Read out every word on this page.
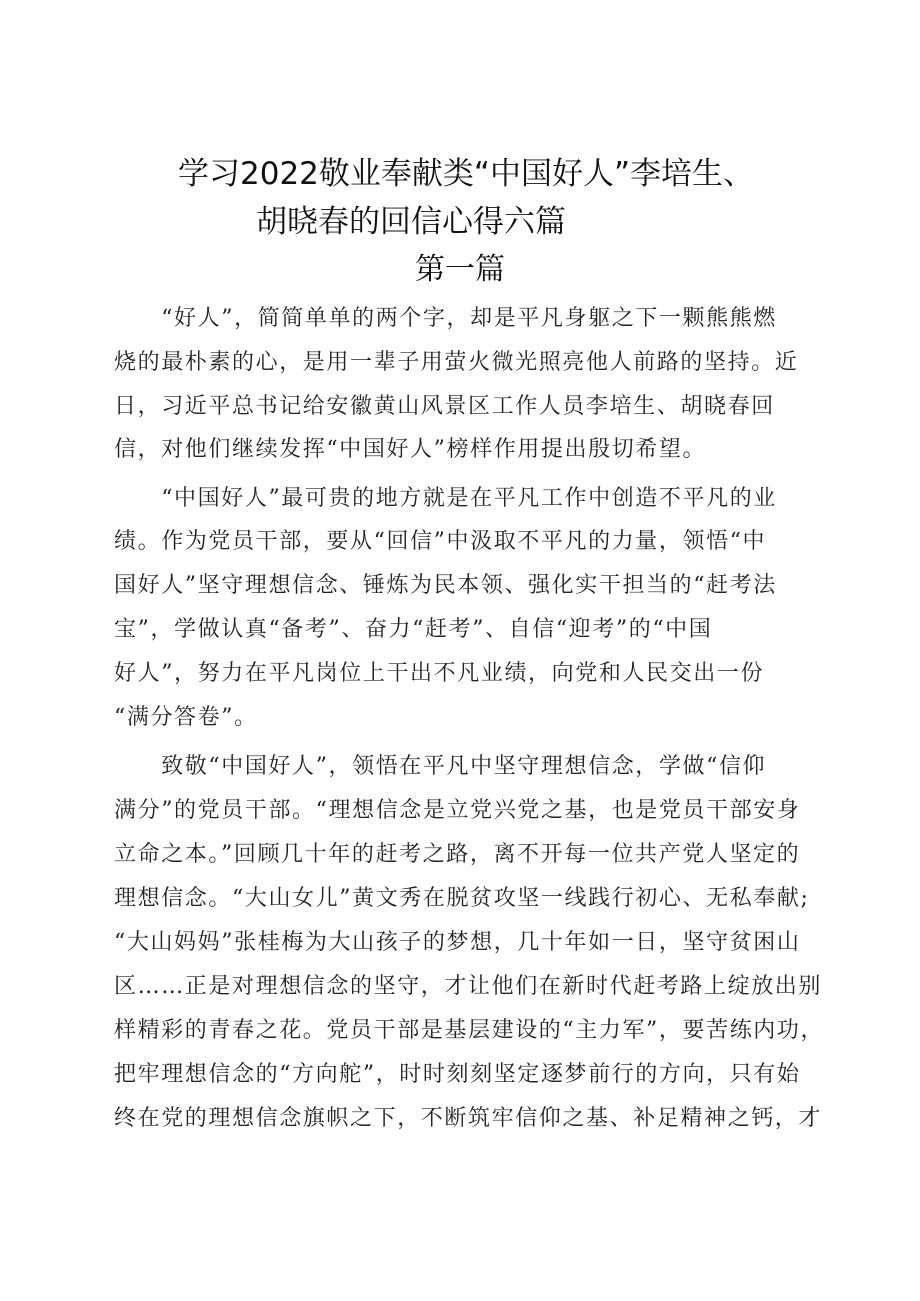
学习2022敬业奉献类“中国好人”李培生、
胡晓春的回信心得六篇
第一篇
　　“好人”，简简单单的两个字，却是平凡身躯之下一颗熊熊燃
烧的最朴素的心，是用一辈子用萤火微光照亮他人前路的坚持。近
日，习近平总书记给安徽黄山风景区工作人员李培生、胡晓春回
信，对他们继续发挥“中国好人”榜样作用提出殷切希望。
　　“中国好人”最可贵的地方就是在平凡工作中创造不平凡的业
绩。作为党员干部，要从“回信”中汲取不平凡的力量，领悟“中
国好人”坚守理想信念、锤炼为民本领、强化实干担当的“赶考法
宝”，学做认真“备考”、奋力“赶考”、自信“迎考”的“中国
好人”，努力在平凡岗位上干出不凡业绩，向党和人民交出一份
“满分答卷”。
　　致敬“中国好人”，领悟在平凡中坚守理想信念，学做“信仰
满分”的党员干部。“理想信念是立党兴党之基，也是党员干部安身
立命之本。”回顾几十年的赶考之路，离不开每一位共产党人坚定的
理想信念。“大山女儿”黄文秀在脱贫攻坚一线践行初心、无私奉献;
“大山妈妈”张桂梅为大山孩子的梦想，几十年如一日，坚守贫困山
区……正是对理想信念的坚守，才让他们在新时代赶考路上绽放出别
样精彩的青春之花。党员干部是基层建设的“主力军”，要苦练内功，
把牢理想信念的“方向舵”，时时刻刻坚定逐梦前行的方向，只有始
终在党的理想信念旗帜之下，不断筑牢信仰之基、补足精神之钙，才
